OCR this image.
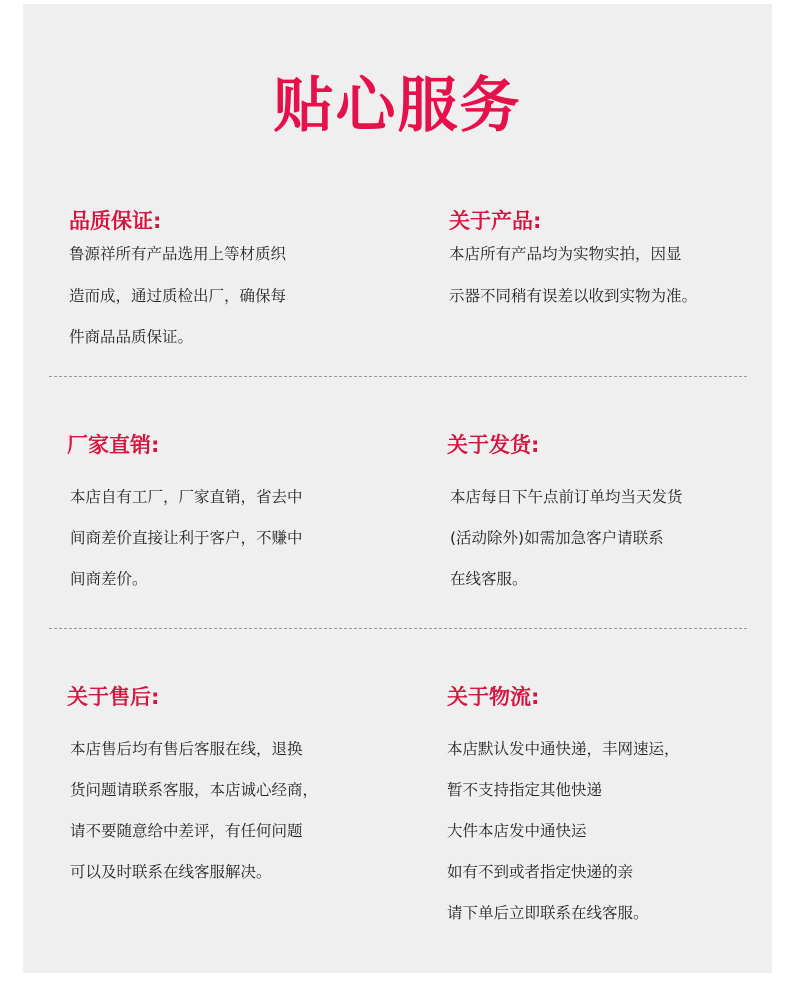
贴心服务
品质保证:
鲁源祥所有产品选用上等材质织
造而成，通过质检出厂，确保每
件商品品质保证。
关于产品:
本店所有产品均为实物实拍，因显
示器不同稍有误差以收到实物为准。
厂家直销:
本店自有工厂，厂家直销，省去中
间商差价直接让利于客户，不赚中
间商差价。
关于发货:
本店每日下午点前订单均当天发货
(活动除外)如需加急客户请联系
在线客服。
关于售后:
本店售后均有售后客服在线，退换
货问题请联系客服，本店诚心经商，
请不要随意给中差评，有任何问题
可以及时联系在线客服解决。
关于物流:
本店默认发中通快递，丰网速运，
暂不支持指定其他快递
大件本店发中通快运
如有不到或者指定快递的亲
请下单后立即联系在线客服。
